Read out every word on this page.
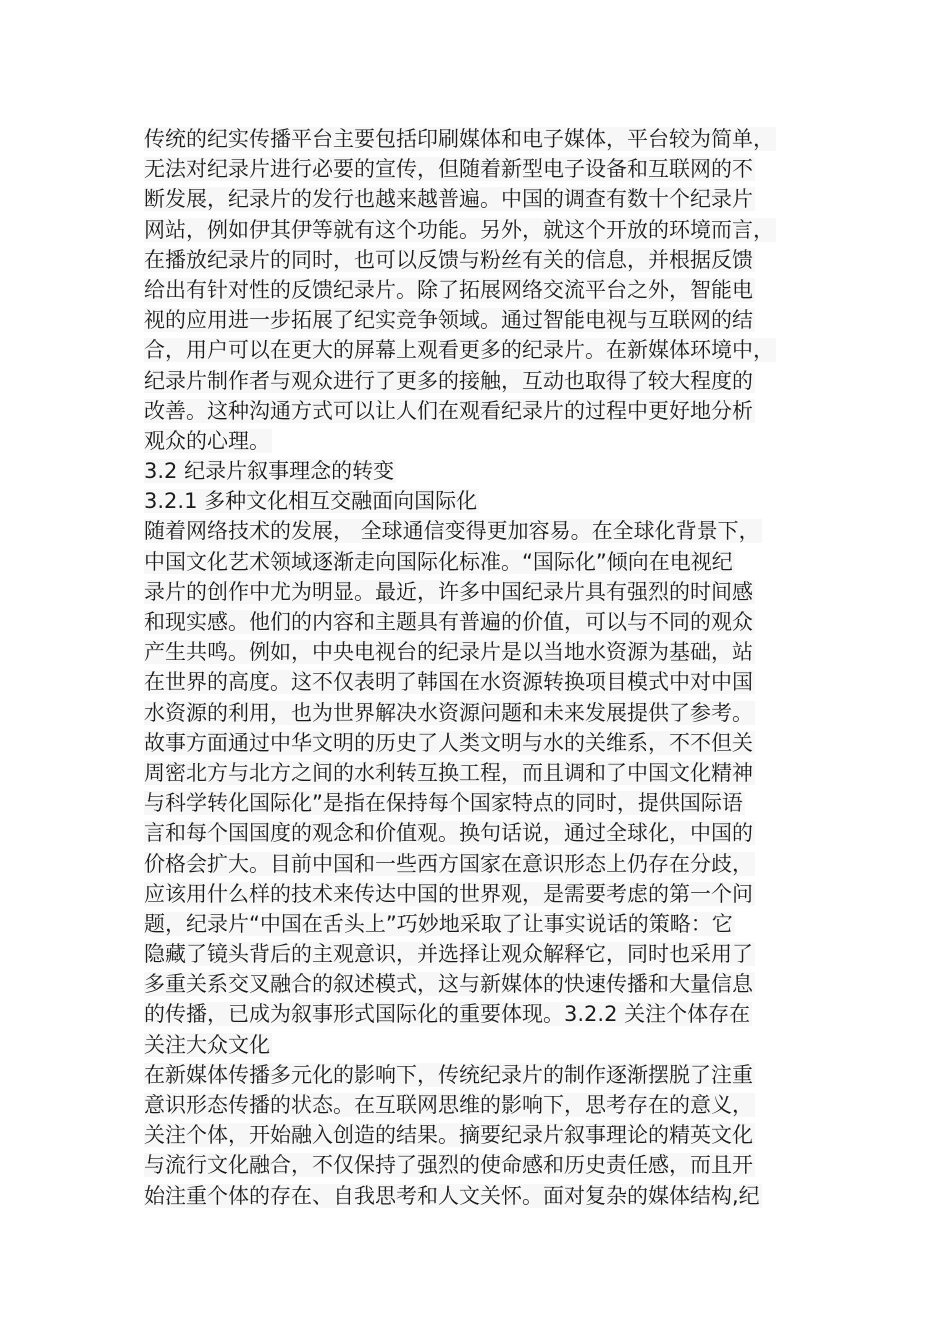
传统的纪实传播平台主要包括印刷媒体和电子媒体，平台较为简单，
无法对纪录片进行必要的宣传，但随着新型电子设备和互联网的不
断发展，纪录片的发行也越来越普遍。中国的调查有数十个纪录片
网站，例如伊其伊等就有这个功能。另外，就这个开放的环境而言，
在播放纪录片的同时，也可以反馈与粉丝有关的信息，并根据反馈
给出有针对性的反馈纪录片。除了拓展网络交流平台之外，智能电
视的应用进一步拓展了纪实竞争领域。通过智能电视与互联网的结
合，用户可以在更大的屏幕上观看更多的纪录片。在新媒体环境中，
纪录片制作者与观众进行了更多的接触，互动也取得了较大程度的
改善。这种沟通方式可以让人们在观看纪录片的过程中更好地分析
观众的心理。
3.2 纪录片叙事理念的转变
3.2.1 多种文化相互交融面向国际化
随着网络技术的发展， 全球通信变得更加容易。在全球化背景下，
中国文化艺术领域逐渐走向国际化标准。“国际化”倾向在电视纪
录片的创作中尤为明显。最近，许多中国纪录片具有强烈的时间感
和现实感。他们的内容和主题具有普遍的价值，可以与不同的观众
产生共鸣。例如，中央电视台的纪录片是以当地水资源为基础，站
在世界的高度。这不仅表明了韩国在水资源转换项目模式中对中国
水资源的利用，也为世界解决水资源问题和未来发展提供了参考。
故事方面通过中华文明的历史了人类文明与水的关维系，不不但关
周密北方与北方之间的水利转互换工程，而且调和了中国文化精神
与科学转化国际化”是指在保持每个国家特点的同时，提供国际语
言和每个国国度的观念和价值观。换句话说，通过全球化，中国的
价格会扩大。目前中国和一些西方国家在意识形态上仍存在分歧，
应该用什么样的技术来传达中国的世界观，是需要考虑的第一个问
题，纪录片“中国在舌头上”巧妙地采取了让事实说话的策略：它
隐藏了镜头背后的主观意识，并选择让观众解释它，同时也采用了
多重关系交叉融合的叙述模式，这与新媒体的快速传播和大量信息
的传播，已成为叙事形式国际化的重要体现。3.2.2 关注个体存在
关注大众文化
在新媒体传播多元化的影响下，传统纪录片的制作逐渐摆脱了注重
意识形态传播的状态。在互联网思维的影响下，思考存在的意义，
关注个体，开始融入创造的结果。摘要纪录片叙事理论的精英文化
与流行文化融合，不仅保持了强烈的使命感和历史责任感，而且开
始注重个体的存在、自我思考和人文关怀。面对复杂的媒体结构,纪
